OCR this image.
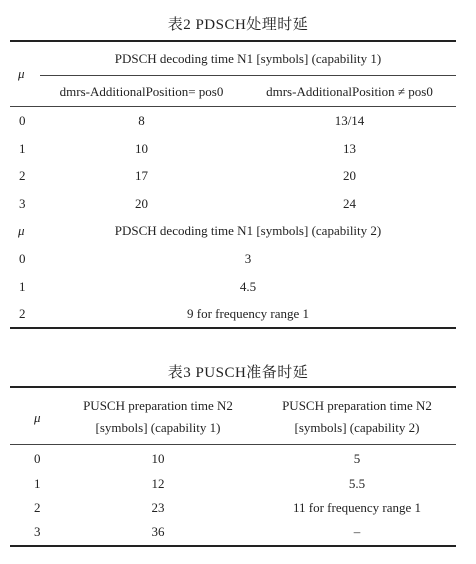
表2 PDSCH处理时延
μ
PDSCH decoding time N1 [symbols] (capability 1)
dmrs-AdditionalPosition= pos0	dmrs-AdditionalPosition ≠ pos0
0	8	13/14
1	10	13
2	17	20
3	20	24
μ	PDSCH decoding time N1 [symbols] (capability 2)
0	3
1	4.5
2	9 for frequency range 1
表3 PUSCH准备时延
μ
PUSCH preparation time N2
[symbols] (capability 1)
PUSCH preparation time N2
[symbols] (capability 2)
0	10	5
1	12	5.5
2	23	11 for frequency range 1
3	36	–
